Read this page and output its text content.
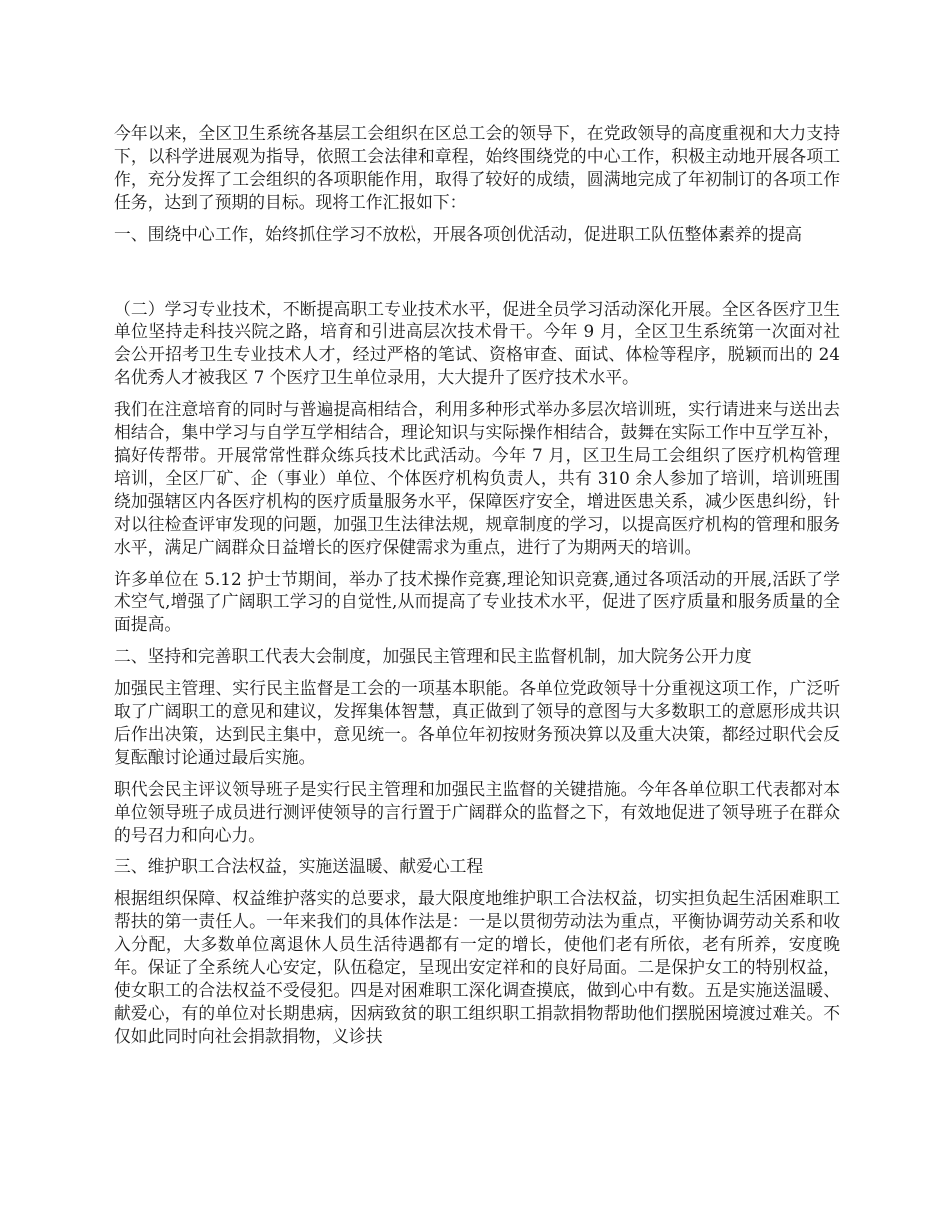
今年以来，全区卫生系统各基层工会组织在区总工会的领导下，在党政领导的高度重视和大力支持下，以科学进展观为指导，依照工会法律和章程，始终围绕党的中心工作，积极主动地开展各项工作，充分发挥了工会组织的各项职能作用，取得了较好的成绩，圆满地完成了年初制订的各项工作任务，达到了预期的目标。现将工作汇报如下：

一、围绕中心工作，始终抓住学习不放松，开展各项创优活动，促进职工队伍整体素养的提高

（二）学习专业技术，不断提高职工专业技术水平，促进全员学习活动深化开展。全区各医疗卫生单位坚持走科技兴院之路，培育和引进高层次技术骨干。今年 9 月，全区卫生系统第一次面对社会公开招考卫生专业技术人才，经过严格的笔试、资格审查、面试、体检等程序，脱颖而出的 24 名优秀人才被我区 7 个医疗卫生单位录用，大大提升了医疗技术水平。

我们在注意培育的同时与普遍提高相结合，利用多种形式举办多层次培训班，实行请进来与送出去相结合，集中学习与自学互学相结合，理论知识与实际操作相结合，鼓舞在实际工作中互学互补，搞好传帮带。开展常常性群众练兵技术比武活动。今年 7 月，区卫生局工会组织了医疗机构管理培训，全区厂矿、企（事业）单位、个体医疗机构负责人，共有 310 余人参加了培训，培训班围绕加强辖区内各医疗机构的医疗质量服务水平，保障医疗安全，增进医患关系，减少医患纠纷，针对以往检查评审发现的问题，加强卫生法律法规，规章制度的学习，以提高医疗机构的管理和服务水平，满足广阔群众日益增长的医疗保健需求为重点，进行了为期两天的培训。

许多单位在 5.12 护士节期间，举办了技术操作竞赛,理论知识竞赛,通过各项活动的开展,活跃了学术空气,增强了广阔职工学习的自觉性,从而提高了专业技术水平，促进了医疗质量和服务质量的全面提高。

二、坚持和完善职工代表大会制度，加强民主管理和民主监督机制，加大院务公开力度

加强民主管理、实行民主监督是工会的一项基本职能。各单位党政领导十分重视这项工作，广泛听取了广阔职工的意见和建议，发挥集体智慧，真正做到了领导的意图与大多数职工的意愿形成共识后作出决策，达到民主集中，意见统一。各单位年初按财务预决算以及重大决策，都经过职代会反复酝酿讨论通过最后实施。

职代会民主评议领导班子是实行民主管理和加强民主监督的关键措施。今年各单位职工代表都对本单位领导班子成员进行测评使领导的言行置于广阔群众的监督之下，有效地促进了领导班子在群众的号召力和向心力。

三、维护职工合法权益，实施送温暖、献爱心工程

根据组织保障、权益维护落实的总要求，最大限度地维护职工合法权益，切实担负起生活困难职工帮扶的第一责任人。一年来我们的具体作法是：一是以贯彻劳动法为重点，平衡协调劳动关系和收入分配，大多数单位离退休人员生活待遇都有一定的增长，使他们老有所依，老有所养，安度晚年。保证了全系统人心安定，队伍稳定，呈现出安定祥和的良好局面。二是保护女工的特别权益，使女职工的合法权益不受侵犯。四是对困难职工深化调查摸底，做到心中有数。五是实施送温暖、献爱心，有的单位对长期患病，因病致贫的职工组织职工捐款捐物帮助他们摆脱困境渡过难关。不仅如此同时向社会捐款捐物，义诊扶
